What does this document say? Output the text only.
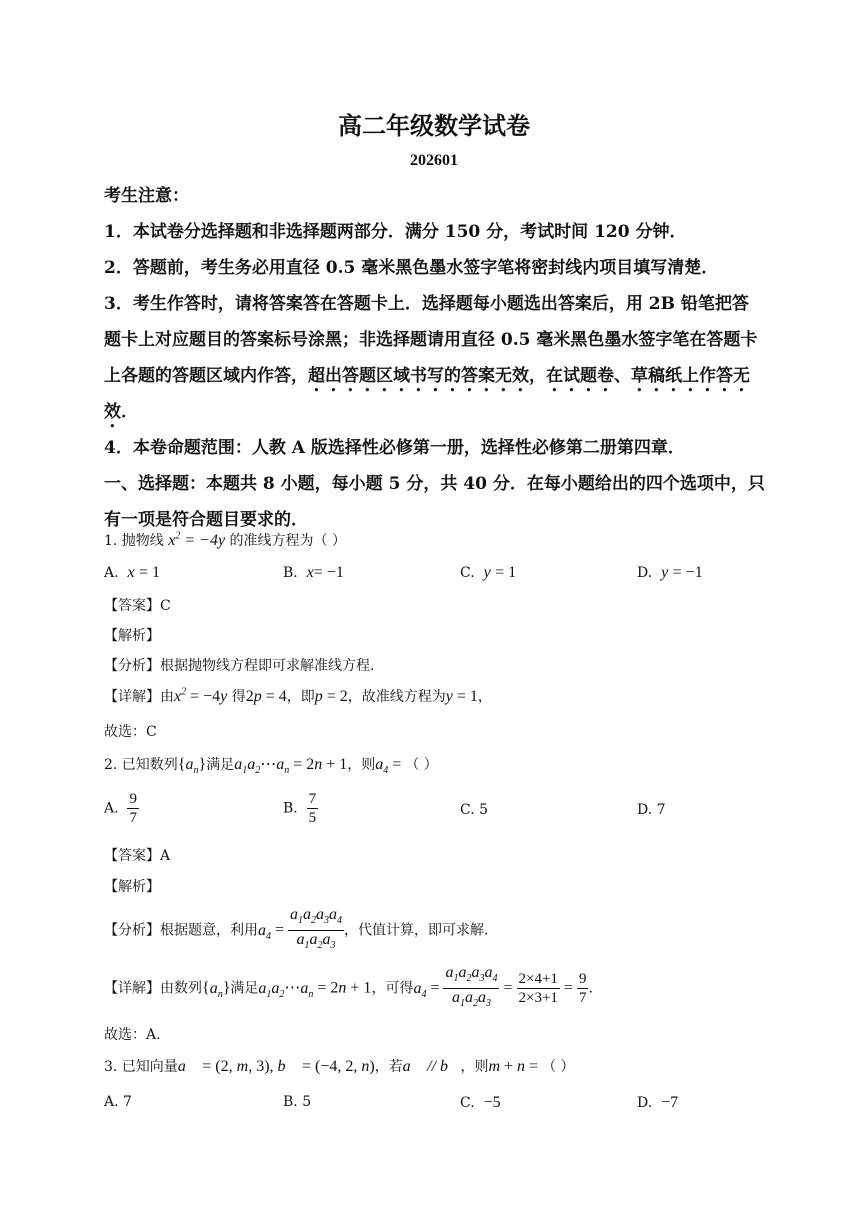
高二年级数学试卷
202601
考生注意：
1．本试卷分选择题和非选择题两部分．满分 150 分，考试时间 120 分钟．
2．答题前，考生务必用直径 0.5 毫米黑色墨水签字笔将密封线内项目填写清楚．
3．考生作答时，请将答案答在答题卡上．选择题每小题选出答案后，用 2B 铅笔把答
题卡上对应题目的答案标号涂黑；非选择题请用直径 0.5 毫米黑色墨水签字笔在答题卡
上各题的答题区域内作答，超出答题区域书写的答案无效，在试题卷、草稿纸上作答无
效．
4．本卷命题范围：人教 A 版选择性必修第一册，选择性必修第二册第四章．
一、选择题：本题共 8 小题，每小题 5 分，共 40 分．在每小题给出的四个选项中，只
有一项是符合题目要求的．
1. 抛物线 $x^2 = -4y$ 的准线方程为（ ）
A. x = 1	B. x= −1	C. y = 1	D. y = −1
【答案】C
【解析】
【分析】根据抛物线方程即可求解准线方程.
【详解】由$x^2 = -4y$ 得2p = 4，即p = 2，故准线方程为y = 1，
故选：C
2. 已知数列$\{a_n\}$满足$a_1a_2\cdots a_n = 2n + 1$，则$a_4$ = （ ）
A. $\frac{9}{7}$	B. $\frac{7}{5}$	C. 5	D. 7
【答案】A
【解析】
【分析】根据题意，利用$a_4 = \frac{a_1a_2a_3a_4}{a_1a_2a_3}$ ，代值计算，即可求解.
【详解】由数列$\{a_n\}$满足$a_1a_2\cdots a_n = 2n + 1$，可得$a_4 = \frac{a_1a_2a_3a_4}{a_1a_2a_3} = \frac{2\times 4+1}{2\times 3+1} = \frac{9}{7}$ .
故选：A.
3. 已知向量a⃗ = (2, m, 3), b⃗ = (−4, 2, n)，若a⃗ // b⃗，则m + n = （ ）
A. 7	B. 5	C. −5	D. −7
